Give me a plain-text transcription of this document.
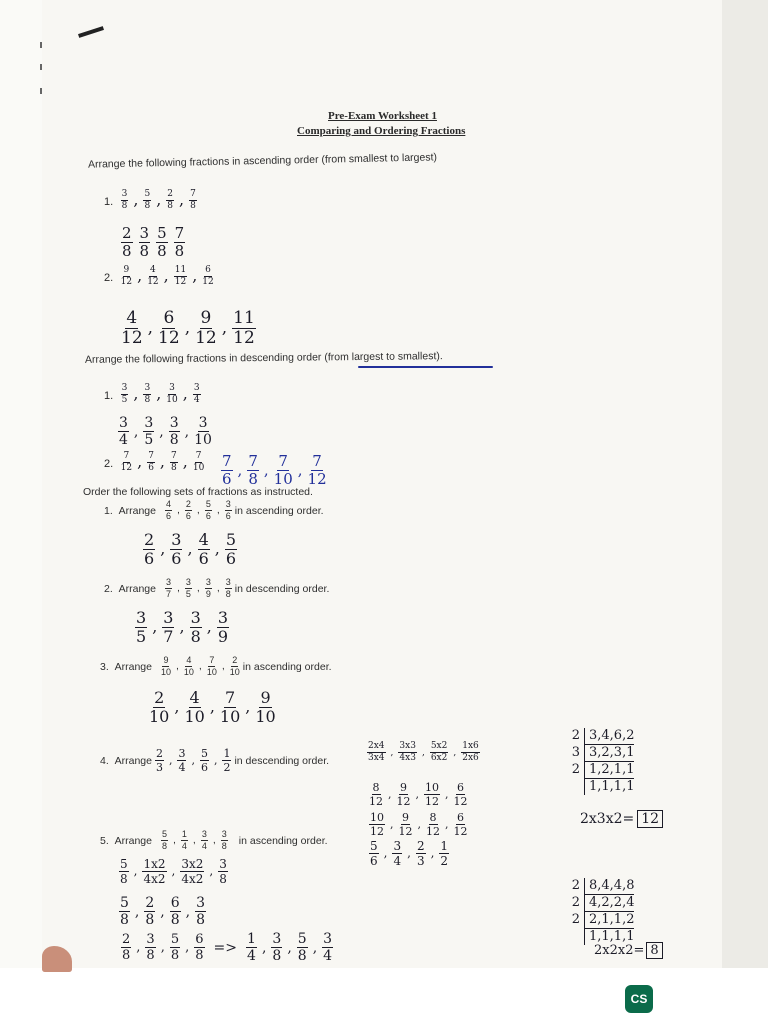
Pre-Exam Worksheet 1
Comparing and Ordering Fractions
Arrange the following fractions in ascending order (from smallest to largest)
1. $\frac{3}{8}$ , $\frac{5}{8}$ , $\frac{2}{8}$ , $\frac{7}{8}$
$\frac{2}{8} \frac{3}{8} \frac{5}{8} \frac{7}{8}$
2. $\frac{9}{12}$ , $\frac{4}{12}$ , $\frac{11}{12}$ , $\frac{6}{12}$
$\frac{4}{12}$ , $\frac{6}{12}$ , $\frac{9}{12}$ , $\frac{11}{12}$
Arrange the following fractions in descending order (from largest to smallest).
1. $\frac{3}{5}$ , $\frac{3}{8}$ , $\frac{3}{10}$ , $\frac{3}{4}$
$\frac{3}{4}$ , $\frac{3}{5}$ , $\frac{3}{8}$ , $\frac{3}{10}$
2. $\frac{7}{12}$ , $\frac{7}{6}$ , $\frac{7}{8}$ , $\frac{7}{10} \frac{7}{6}$ , $\frac{7}{8}$ , $\frac{7}{10}$ , $\frac{7}{12}$
Order the following sets of fractions as instructed.
1.
Arrange $\frac{4}{6}$ , $\frac{2}{6}$ , $\frac{5}{6}$ , $\frac{3}{6}$ in ascending order.
$\frac{2}{6}$ , $\frac{3}{6}$ , $\frac{4}{6}$ , $\frac{5}{6}$
2.
Arrange $\frac{3}{7}$ , $\frac{3}{5}$ , $\frac{3}{9}$ , $\frac{3}{8}$ in descending order.
$\frac{3}{5}$ , $\frac{3}{7}$ , $\frac{3}{8}$ , $\frac{3}{9}$
3.
Arrange $\frac{9}{10}$ , $\frac{4}{10}$ , $\frac{7}{10}$ , $\frac{2}{10}$ in ascending order.
$\frac{2}{10}$ , $\frac{4}{10}$ , $\frac{7}{10}$ , $\frac{9}{10}$
4.
Arrange $\frac{2}{3}$ , $\frac{3}{4}$ , $\frac{5}{6}$ , $\frac{1}{2}$ in descending order.	$\frac{2x4}{3x4}$ , $\frac{3x3}{4x3}$ , $\frac{5x2}{6x2}$ , $\frac{1x6}{2x6}$
$\frac{8}{12}$ , $\frac{9}{12}$ , $\frac{10}{12}$ , $\frac{6}{12}$
$\frac{10}{12}$ , $\frac{9}{12}$ , $\frac{8}{12}$ , $\frac{6}{12}$
$\frac{5}{6}$ , $\frac{3}{4}$ , $\frac{2}{3}$ , $\frac{1}{2}$
2 3,4,6,2
3 3,2,3,1
2 1,2,1,1
1,1,1,1
2x3x2= 12
5.
Arrange $\frac{5}{8}$ , $\frac{1}{4}$ , $\frac{3}{4}$ , $\frac{3}{8}$ in ascending order.
$\frac{5}{8}$ , $\frac{1x2}{4x2}$ , $\frac{3x2}{4x2}$ , $\frac{3}{8}$
$\frac{5}{8}$ , $\frac{2}{8}$ , $\frac{6}{8}$ , $\frac{3}{8}$
$\frac{2}{8}$ , $\frac{3}{8}$ , $\frac{5}{8}$ , $\frac{6}{8} => \frac{1}{4}$ , $\frac{3}{8}$ , $\frac{5}{8}$ , $\frac{3}{4}$
2 8,4,4,8
2 4,2,2,4
2 2,1,1,2
1,1,1,1
2x2x2= 8
CS
